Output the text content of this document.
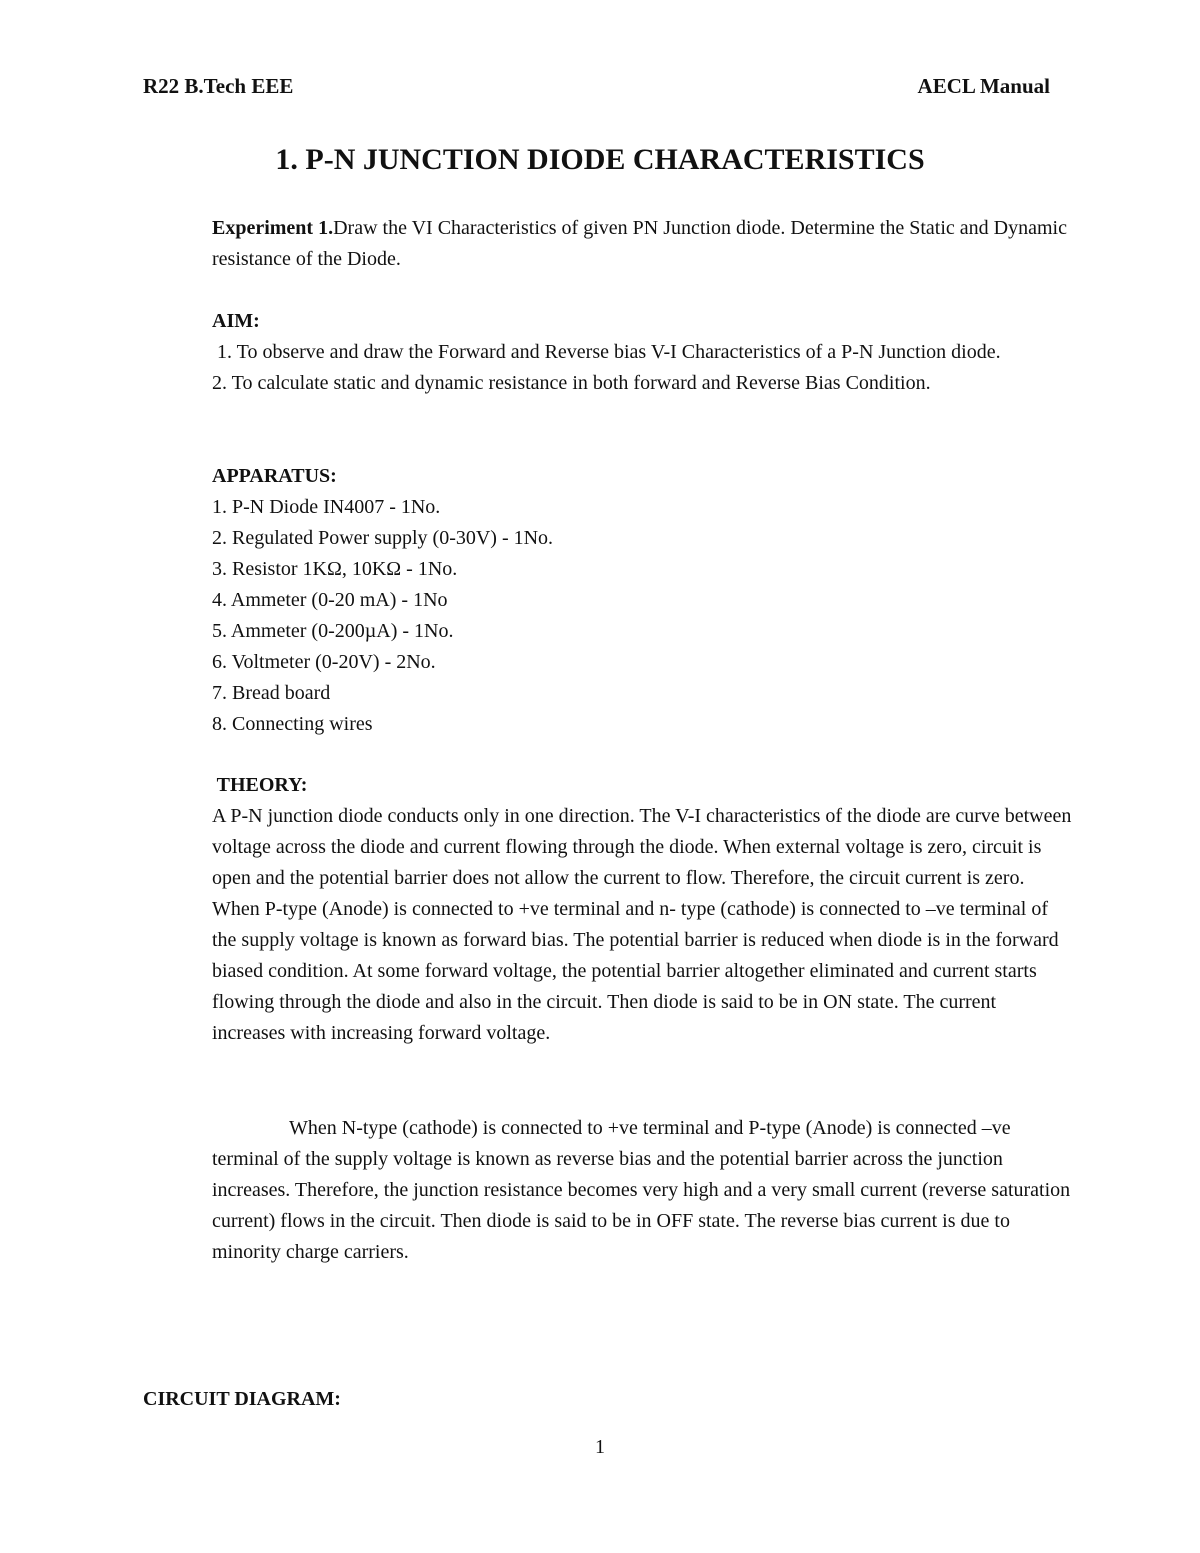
R22 B.Tech EEE	AECL Manual
1. P-N JUNCTION DIODE CHARACTERISTICS

Experiment 1.Draw the VI Characteristics of given PN Junction diode. Determine the Static and Dynamic resistance of the Diode.

AIM:

1. To observe and draw the Forward and Reverse bias V-I Characteristics of a P-N Junction diode.

2. To calculate static and dynamic resistance in both forward and Reverse Bias Condition.

APPARATUS:
1. P-N Diode IN4007 - 1No.
2. Regulated Power supply (0-30V) - 1No.
3. Resistor 1KΩ, 10KΩ - 1No.
4. Ammeter (0-20 mA) - 1No
5. Ammeter (0-200µA) - 1No.
6. Voltmeter (0-20V) - 2No.
7. Bread board
8. Connecting wires
THEORY:

A P-N junction diode conducts only in one direction. The V-I characteristics of the diode are curve between voltage across the diode and current flowing through the diode. When external voltage is zero, circuit is open and the potential barrier does not allow the current to flow. Therefore, the circuit current is zero. When P-type (Anode) is connected to +ve terminal and n- type (cathode) is connected to –ve terminal of the supply voltage is known as forward bias. The potential barrier is reduced when diode is in the forward biased condition. At some forward voltage, the potential barrier altogether eliminated and current starts flowing through the diode and also in the circuit. Then diode is said to be in ON state. The current increases with increasing forward voltage.

When N-type (cathode) is connected to +ve terminal and P-type (Anode) is connected –ve terminal of the supply voltage is known as reverse bias and the potential barrier across the junction increases. Therefore, the junction resistance becomes very high and a very small current (reverse saturation current) flows in the circuit. Then diode is said to be in OFF state. The reverse bias current is due to minority charge carriers.

CIRCUIT DIAGRAM:
1
